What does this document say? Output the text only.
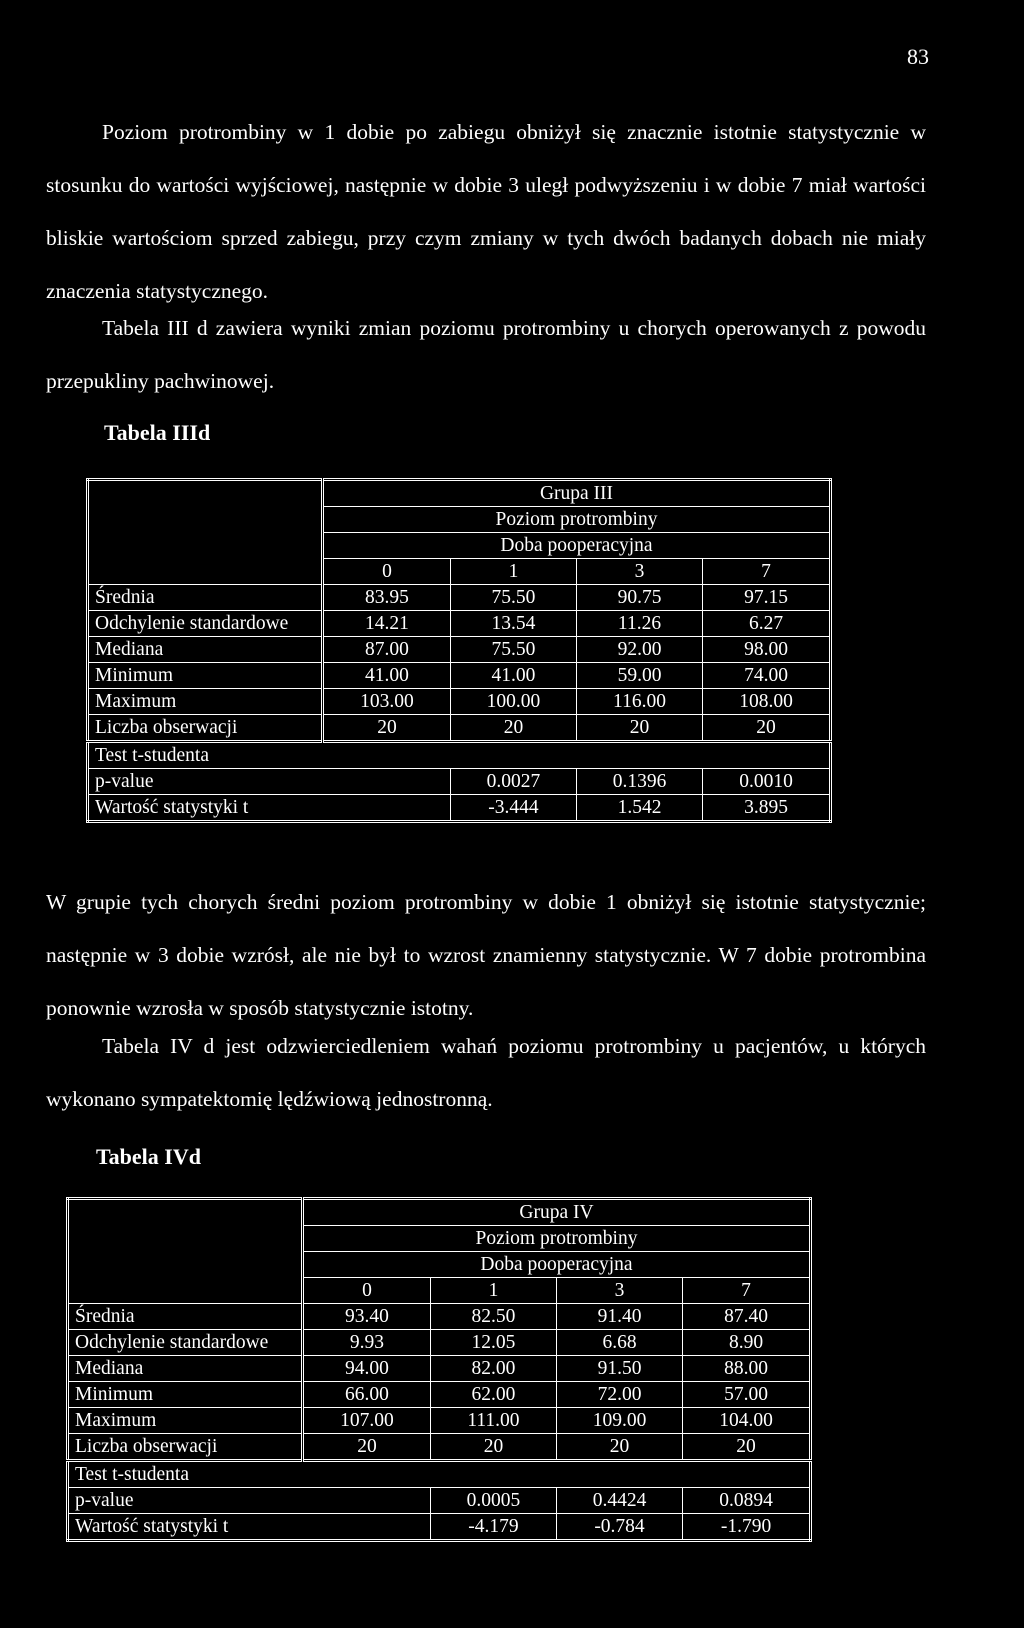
83

Poziom protrombiny w 1 dobie po zabiegu obniżył się znacznie istotnie statystycznie w stosunku do wartości wyjściowej, następnie w dobie 3 uległ podwyższeniu i w dobie 7 miał wartości bliskie wartościom sprzed zabiegu, przy czym zmiany w tych dwóch badanych dobach nie miały znaczenia statystycznego.

Tabela III d zawiera wyniki zmian poziomu protrombiny u chorych operowanych z powodu przepukliny pachwinowej.

Tabela IIId
	Grupa III			
	Poziom protrombiny			
	Doba pooperacyjna			
	0	1	3	7
Średnia	83.95	75.50	90.75	97.15
Odchylenie standardowe	14.21	13.54	11.26	6.27
Mediana	87.00	75.50	92.00	98.00
Minimum	41.00	41.00	59.00	74.00
Maximum	103.00	100.00	116.00	108.00
Liczba obserwacji	20	20	20	20
Test t-studenta				
p-value		0.0027	0.1396	0.0010
Wartość statystyki t		-3.444	1.542	3.895

W grupie tych chorych średni poziom protrombiny w dobie 1 obniżył się istotnie statystycznie; następnie w 3 dobie wzrósł, ale nie był to wzrost znamienny statystycznie. W 7 dobie protrombina ponownie wzrosła w sposób statystycznie istotny.

Tabela IV d jest odzwierciedleniem wahań poziomu protrombiny u pacjentów, u których wykonano sympatektomię lędźwiową jednostronną.

Tabela IVd
	Grupa IV			
	Poziom protrombiny			
	Doba pooperacyjna			
	0	1	3	7
Średnia	93.40	82.50	91.40	87.40
Odchylenie standardowe	9.93	12.05	6.68	8.90
Mediana	94.00	82.00	91.50	88.00
Minimum	66.00	62.00	72.00	57.00
Maximum	107.00	111.00	109.00	104.00
Liczba obserwacji	20	20	20	20
Test t-studenta				
p-value		0.0005	0.4424	0.0894
Wartość statystyki t		-4.179	-0.784	-1.790
